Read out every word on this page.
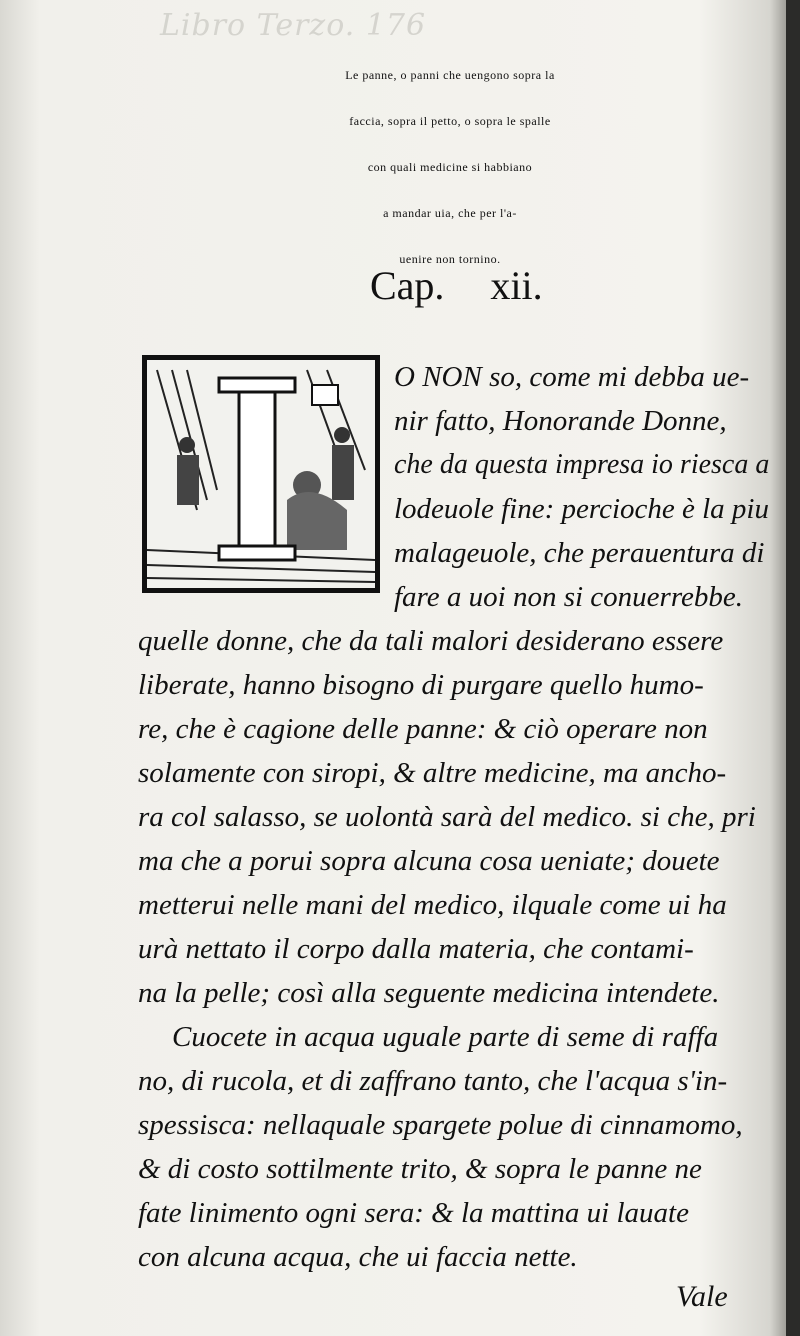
Libro Terzo. 176
Le panne, o panni che uengono sopra la
faccia, sopra il petto, o sopra le spalle
con quali medicine si habbiano
a mandar uia, che per l'a-
uenire non tornino.
Cap. xii.
O NON so, come mi debba ue-
nir fatto, Honorande Donne,
che da questa impresa io riesca a
lodeuole fine: percioche è la piu
malageuole, che perauentura di
fare a uoi non si conuerrebbe.
quelle donne, che da tali malori desiderano essere
liberate, hanno bisogno di purgare quello humo-
re, che è cagione delle panne: & ciò operare non
solamente con siropi, & altre medicine, ma ancho-
ra col salasso, se uolontà sarà del medico. si che, pri
ma che a porui sopra alcuna cosa ueniate; douete
metterui nelle mani del medico, ilquale come ui ha
urà nettato il corpo dalla materia, che contami-
na la pelle; così alla seguente medicina intendete.
Cuocete in acqua uguale parte di seme di raffa
no, di rucola, et di zaffrano tanto, che l'acqua s'in-
spessisca: nellaquale spargete polue di cinnamomo,
& di costo sottilmente trito, & sopra le panne ne
fate linimento ogni sera: & la mattina ui lauate
con alcuna acqua, che ui faccia nette.
Vale
